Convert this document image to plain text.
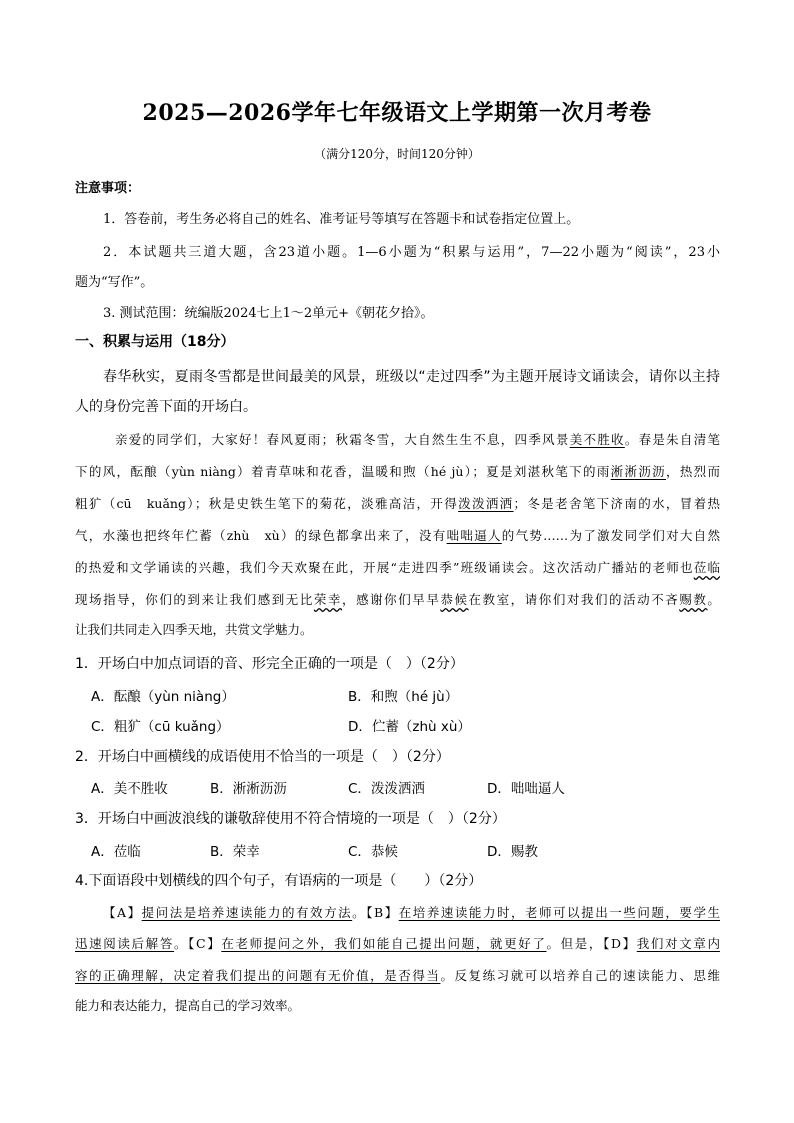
2025—2026学年七年级语文上学期第一次月考卷
（满分120分，时间120分钟）
注意事项：
1．答卷前，考生务必将自己的姓名、准考证号等填写在答题卡和试卷指定位置上。
2．本试题共三道大题，含23道小题。1—6小题为“积累与运用”，7—22小题为“阅读”，23小
题为“写作”。
3. 测试范围：统编版2024七上1～2单元+《朝花夕拾》。
一、积累与运用（18分）
春华秋实，夏雨冬雪都是世间最美的风景，班级以“走过四季”为主题开展诗文诵读会，请你以主持
人的身份完善下面的开场白。
亲爱的同学们，大家好！春风夏雨；秋霜冬雪，大自然生生不息，四季风景美不胜收。春是朱自清笔
下的风，酝酿（yùn niàng）着青草味和花香，温暖和煦（hé jù）；夏是刘湛秋笔下的雨淅淅沥沥，热烈而
粗犷（cū　kuǎng）；秋是史铁生笔下的菊花，淡雅高洁，开得泼泼洒洒；冬是老舍笔下济南的水，冒着热
气，水藻也把终年伫蓄（zhù　xù）的绿色都拿出来了，没有咄咄逼人的气势……为了激发同学们对大自然
的热爱和文学诵读的兴趣，我们今天欢聚在此，开展“走进四季”班级诵读会。这次活动广播站的老师也莅临
现场指导，你们的到来让我们感到无比荣幸，感谢你们早早恭候在教室，请你们对我们的活动不吝赐教。
让我们共同走入四季天地，共赏文学魅力。
1．开场白中加点词语的音、形完全正确的一项是（　）（2分）
A．酝酿（yùn niàng）	B．和煦（hé jù）
C．粗犷（cū kuǎng）	D．伫蓄（zhù xù）
2．开场白中画横线的成语使用不恰当的一项是（　）（2分）
A．美不胜收	B．淅淅沥沥	C．泼泼洒洒	D．咄咄逼人
3．开场白中画波浪线的谦敬辞使用不符合情境的一项是（　）（2分）
A．莅临	B．荣幸	C．恭候	D．赐教
4.下面语段中划横线的四个句子，有语病的一项是（　　）（2分）
【A】提问法是培养速读能力的有效方法。【B】在培养速读能力时，老师可以提出一些问题，要学生
迅速阅读后解答。【C】在老师提问之外，我们如能自己提出问题，就更好了。但是，【D】我们对文章内
容的正确理解，决定着我们提出的问题有无价值，是否得当。反复练习就可以培养自己的速读能力、思维
能力和表达能力，提高自己的学习效率。
